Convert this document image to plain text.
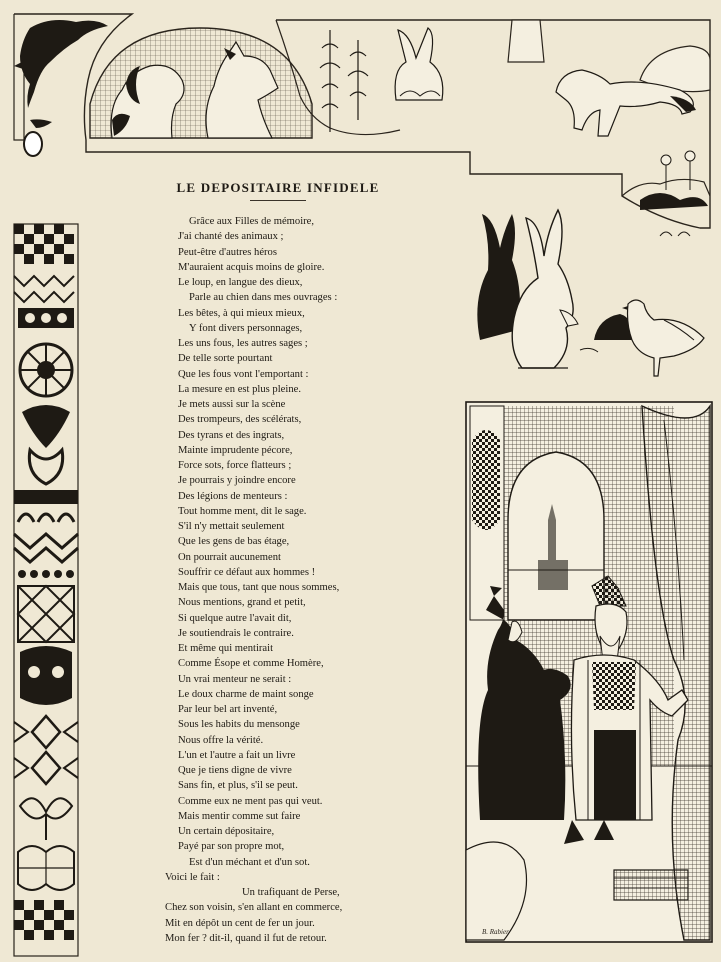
LE DEPOSITAIRE INFIDELE
Grâce aux Filles de mémoire,
J'ai chanté des animaux ;
Peut-être d'autres héros
M'auraient acquis moins de gloire.
Le loup, en langue des dieux,
Parle au chien dans mes ouvrages :
Les bêtes, à qui mieux mieux,
Y font divers personnages,
Les uns fous, les autres sages ;
De telle sorte pourtant
Que les fous vont l'emportant :
La mesure en est plus pleine.
Je mets aussi sur la scène
Des trompeurs, des scélérats,
Des tyrans et des ingrats,
Mainte imprudente pécore,
Force sots, force flatteurs ;
Je pourrais y joindre encore
Des légions de menteurs :
Tout homme ment, dit le sage.
S'il n'y mettait seulement
Que les gens de bas étage,
On pourrait aucunement
Souffrir ce défaut aux hommes !
Mais que tous, tant que nous sommes,
Nous mentions, grand et petit,
Si quelque autre l'avait dit,
Je soutiendrais le contraire.
Et même qui mentirait
Comme Ésope et comme Homère,
Un vrai menteur ne serait :
Le doux charme de maint songe
Par leur bel art inventé,
Sous les habits du mensonge
Nous offre la vérité.
L'un et l'autre a fait un livre
Que je tiens digne de vivre
Sans fin, et plus, s'il se peut.
Comme eux ne ment pas qui veut.
Mais mentir comme sut faire
Un certain dépositaire,
Payé par son propre mot,
Est d'un méchant et d'un sot.
Voici le fait :
Un trafiquant de Perse,
Chez son voisin, s'en allant en commerce,
Mit en dépôt un cent de fer un jour.
Mon fer ? dit-il, quand il fut de retour.
B. Rabier
